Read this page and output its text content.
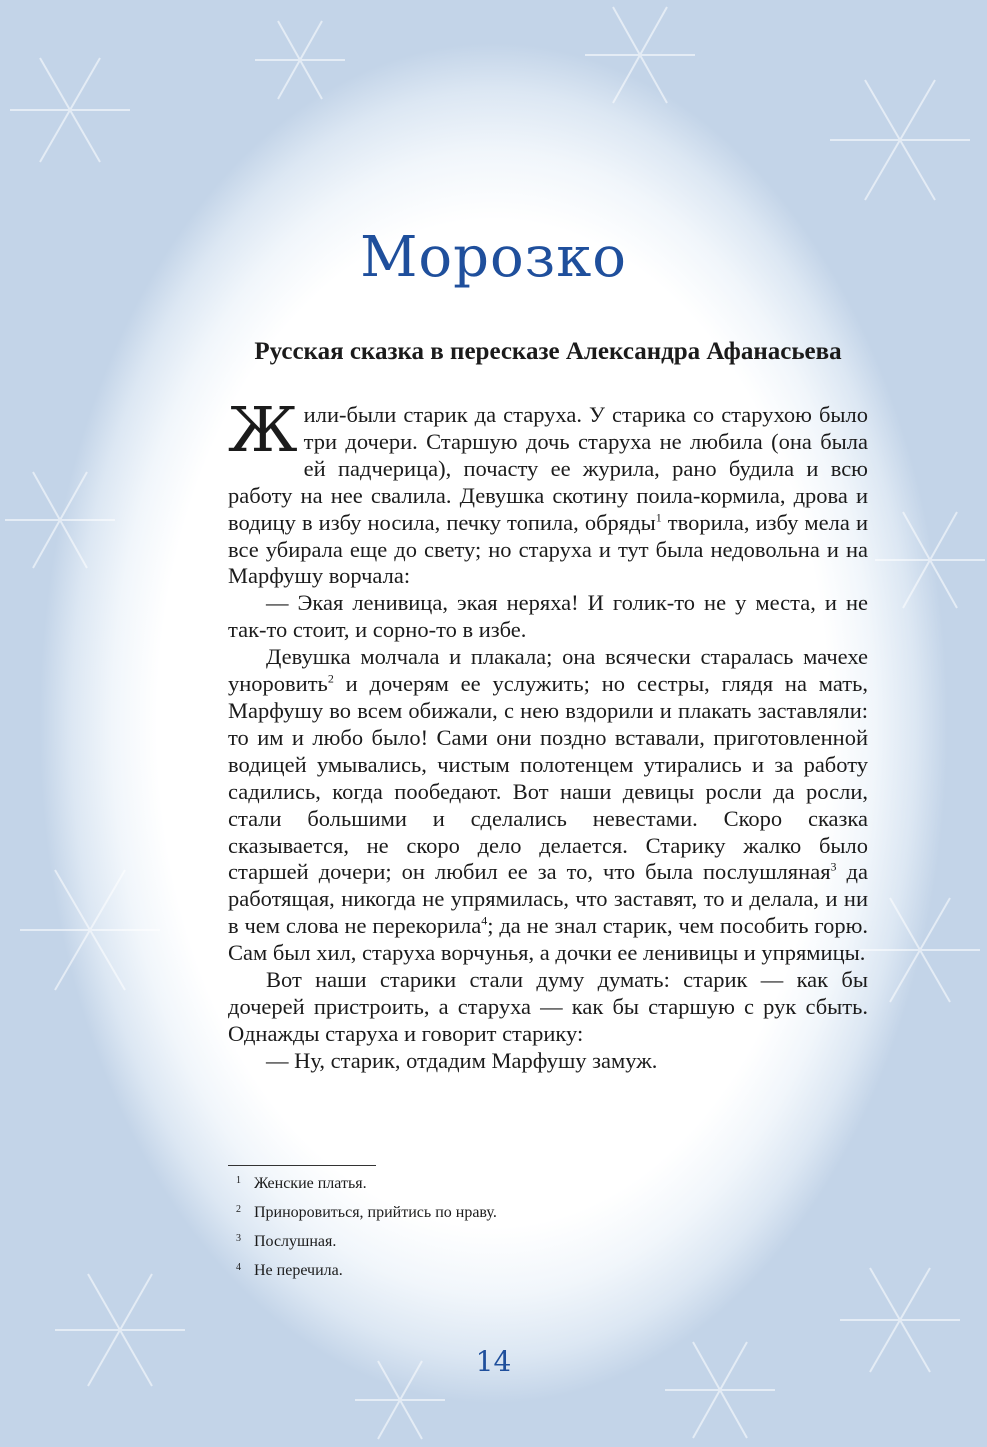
Морозко
Русская сказка в пересказе Александра Афанасьева

Жили-были старик да старуха. У старика со старухою было три дочери. Старшую дочь старуха не любила (она была ей падчерица), почасту ее журила, рано будила и всю работу на нее свалила. Девушка скотину поила-кормила, дрова и водицу в избу носила, печку топила, обряды$^1$ творила, избу мела и все убирала еще до свету; но старуха и тут была недовольна и на Марфушу ворчала:

— Экая ленивица, экая неряха! И голик-то не у места, и не так-то стоит, и сорно-то в избе.

Девушка молчала и плакала; она всячески старалась мачехе уноровить$^2$ и дочерям ее услужить; но сестры, глядя на мать, Марфушу во всем обижали, с нею вздорили и плакать заставляли: то им и любо было! Сами они поздно вставали, приготовленной водицей умывались, чистым полотенцем утирались и за работу садились, когда пообедают. Вот наши девицы росли да росли, стали большими и сделались невестами. Скоро сказка сказывается, не скоро дело делается. Старику жалко было старшей дочери; он любил ее за то, что была послушляная$^3$ да работящая, никогда не упрямилась, что заставят, то и делала, и ни в чем слова не перекорила$^4$; да не знал старик, чем пособить горю. Сам был хил, старуха ворчунья, а дочки ее ленивицы и упрямицы.

Вот наши старики стали думу думать: старик — как бы дочерей пристроить, а старуха — как бы старшую с рук сбыть. Однажды старуха и говорит старику:

— Ну, старик, отдадим Марфушу замуж.

1 Женские платья.
2 Принoровиться, прийтись по нраву.
3 Послушная.
4 Не перечила.
14
